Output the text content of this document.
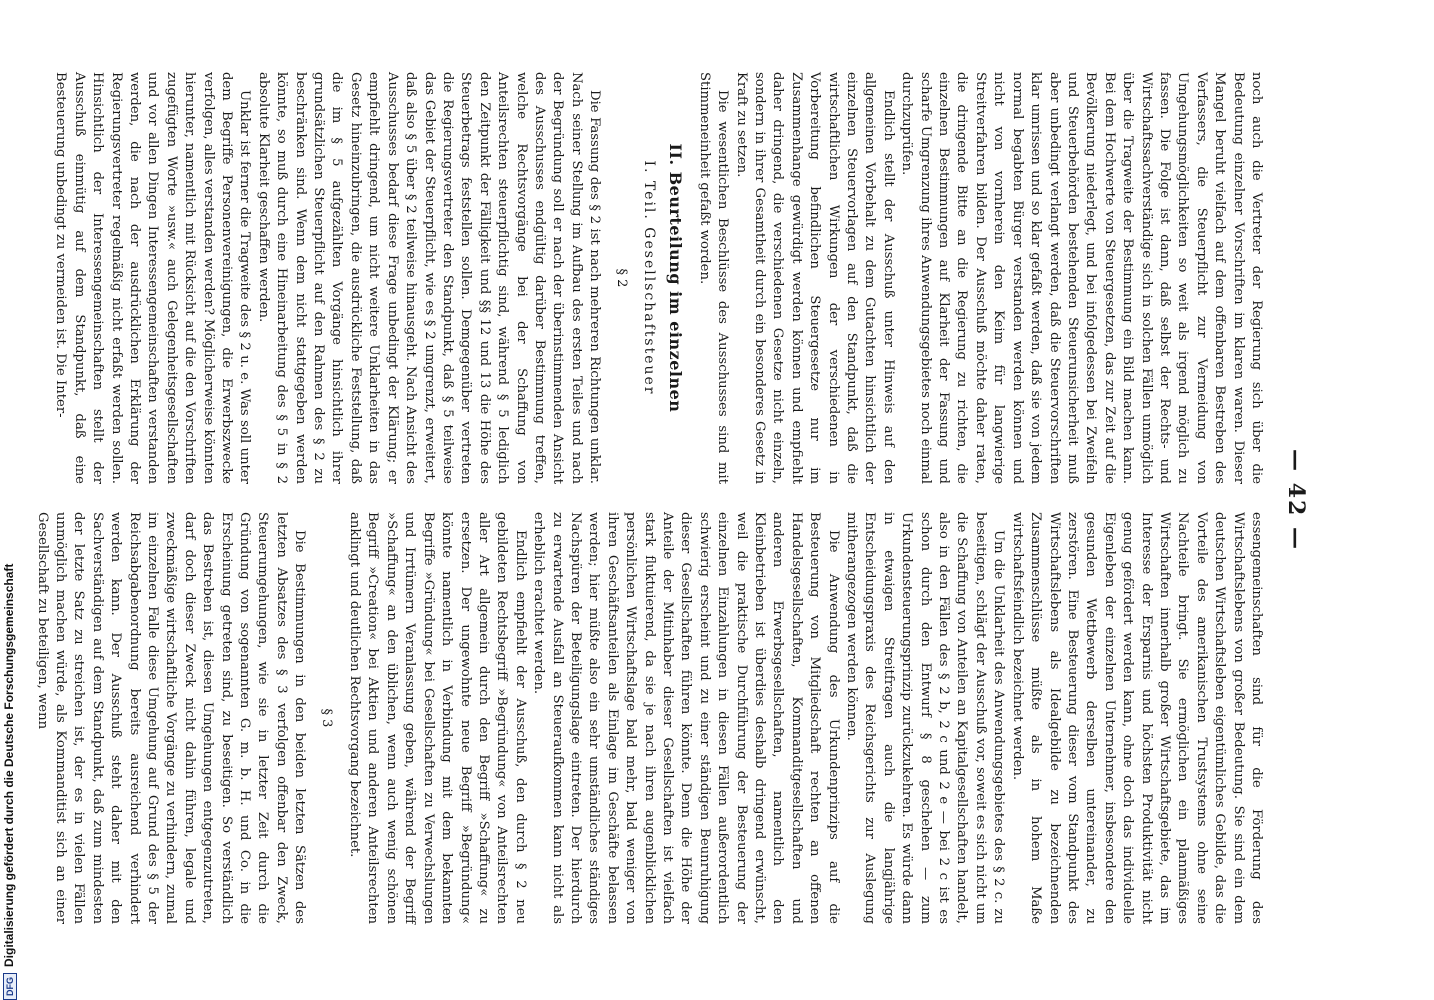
— 42 —

noch auch die Vertreter der Regierung sich über die Bedeutung einzelner Vorschriften im klaren waren. Dieser Mangel beruht vielfach auf dem offenbaren Bestreben des Verfassers, die Steuerpflicht zur Vermeidung von Umgehungsmöglichkeiten so weit als irgend möglich zu fassen. Die Folge ist dann, daß selbst der Rechts- und Wirtschaftssachverständige sich in solchen Fällen unmöglich über die Tragweite der Bestimmung ein Bild machen kann. Bei dem Hochwerte von Steuergesetzen, das zur Zeit auf die Bevölkerung niederlegt, und bei infolgedessen bei Zweifeln und Steuerbehörden bestehenden Steuerunsicherheit muß aber unbedingt verlangt werden, daß die Steuervorschriften klar umrissen und so klar gefaßt werden, daß sie von jedem normal begabten Bürger verstanden werden können und nicht von vornherein den Keim für langwierige Streitverfahren bilden. Der Ausschuß möchte daher raten, die dringende Bitte an die Regierung zu richten, die einzelnen Bestimmungen auf Klarheit der Fassung und scharfe Umgrenzung ihres Anwendungsgebietes noch einmal durchzuprüfen.

Endlich stellt der Ausschuß unter Hinweis auf den allgemeinen Vorbehalt zu dem Gutachten hinsichtlich der einzelnen Steuervorlagen auf den Standpunkt, daß die wirtschaftlichen Wirkungen der verschiedenen in Vorbereitung befindlichen Steuergesetze nur im Zusammenhange gewürdigt werden können und empfiehlt daher dringend, die verschiedenen Gesetze nicht einzeln, sondern in ihrer Gesamtheit durch ein besonderes Gesetz in Kraft zu setzen.

Die wesentlichen Beschlüsse des Ausschusses sind mit Stimmeneinheit gefaßt worden.

II. Beurteilung im einzelnen
I. Teil. Gesellschaftsteuer
§ 2

Die Fassung des § 2 ist nach mehreren Richtungen unklar. Nach seiner Stellung im Aufbau des ersten Teiles und nach der Begründung soll er nach der überinstimmenden Ansicht des Ausschusses endgültig darüber Bestimmung treffen, welche Rechtsvorgänge bei der Schaffung von Anteilsrechten steuerpflichtig sind, während § 5 lediglich den Zeitpunkt der Fälligkeit und §§ 12 und 13 die Höhe des Steuerbetrags feststellen sollen. Demgegenüber vertreten die Regierungsvertreter den Standpunkt, daß § 5 teilweise das Gebiet der Steuerpflicht, wie es § 2 umgrenzt, erweitert, daß also § 5 über § 2 teilweise hinausgeht. Nach Ansicht des Ausschusses bedarf diese Frage unbedingt der Klärung; er empfiehlt dringend, um nicht weitere Unklarheiten in das Gesetz hineinzubringen, die ausdrückliche Feststellung, daß die im § 5 aufgezählten Vorgänge hinsichtlich ihrer grundsätzlichen Steuerpflicht auf den Rahmen des § 2 zu beschränken sind. Wenn dem nicht stattgegeben werden könnte, so muß durch eine Hineinarbeitung des § 5 in § 2 absolute Klarheit geschaffen werden.

Unklar ist ferner die Tragweite des § 2 u. e. Was soll unter dem Begriffe Personenvereinigungen, die Erwerbszwecke verfolgen, alles verstanden werden? Möglicherweise könnten hierunter, namentlich mit Rücksicht auf die den Vorschriften zugefügten Worte »usw.« auch Gelegenheitsgesellschaften und vor allen Dingen Interessengemeinschaften verstanden werden, die nach der ausdrücklichen Erklärung der Regierungsvertreter regelmäßig nicht erfaßt werden sollen. Hinsichtlich der Interessengemeinschaften stellt der Ausschuß einmütig auf dem Standpunkt, daß eine Besteuerung unbedingt zu vermeiden ist. Die Inter-

essengemeinschaften sind für die Förderung des Wirtschaftslebens von großer Bedeutung. Sie sind ein dem deutschen Wirtschaftsleben eigentümliches Gebilde, das die Vorteile des amerikanischen Trustsystems ohne seine Nachteile bringt. Sie ermöglichen ein planmäßiges Wirtschaften innerhalb großer Wirtschaftsgebiete, das im Interesse der Ersparnis und höchsten Produktivität nicht genug gefördert werden kann, ohne doch das individuelle Eigenleben der einzelnen Unternehmer, insbesondere den gesunden Wettbewerb derselben untereinander, zu zerstören. Eine Besteuerung dieser vom Standpunkt des Wirtschaftslebens als Idealgebilde zu bezeichnenden Zusammenschlüsse müßte als in hohem Maße wirtschaftsfeindlich bezeichnet werden.

Um die Unklarheit des Anwendungsgebietes des § 2 c. zu beseitigen, schlägt der Ausschuß vor, soweit es sich nicht um die Schaffung von Anteilen an Kapitalgesellschaften handelt, also in den Fällen des § 2 b, 2 c und 2 e — bei 2 c ist es schon durch den Entwurf § 8 geschehen — zum Urkundensteuerungsprinzip zurückzukehren. Es würde dann in etwaigen Streitfragen auch die langjährige Entscheidungspraxis des Reichsgerichts zur Auslegung mitherangezogen werden können.

Die Anwendung des Urkundenprinzips auf die Besteuerung von Mitgliedschaft rechten an offenen Handelsgesellschaften, Kommanditgesellschaften und anderen Erwerbsgesellschaften, namentlich den Kleinbetrieben ist überdies deshalb dringend erwünscht, weil die praktische Durchführung der Besteuerung der einzelnen Einzahlungen in diesen Fällen außerordentlich schwierig erscheint und zu einer ständigen Beunruhigung dieser Gesellschaften führen könnte. Denn die Höhe der Anteile der Mitinhaber dieser Gesellschaften ist vielfach stark fluktuierend, da sie je nach ihren augenblicklichen persönlichen Wirtschaftslage bald mehr, bald weniger von ihren Geschäftsanteilen als Einlage im Geschäfte belassen werden; hier müßte also ein sehr umständliches ständiges Nachspüren der Beteiligungslage eintreten. Der hierdurch zu erwartende Ausfall an Steueraufkommen kann nicht als erheblich erachtet werden.

Endlich empfiehlt der Ausschuß, den durch § 2 neu gebildeten Rechtsbegriff »Begründung« von Anteilsrechten aller Art allgemein durch den Begriff »Schaffung« zu ersetzen. Der ungewohnte neue Begriff »Begründung« könnte namentlich in Verbindung mit dem bekannten Begriffe »Gründung« bei Gesellschaften zu Verwechslungen und Irrtümern Veranlassung geben, während der Begriff »Schaffung« an den üblichen, wenn auch wenig schönen Begriff »Creation« bei Aktien und anderen Anteilsrechten anklingt und deutlichen Rechtsvorgang bezeichnet.

§ 3

Die Bestimmungen in den beiden letzten Sätzen des letzten Absatzes des § 3 verfolgen offenbar den Zweck, Steuerumgehungen, wie sie in letzter Zeit durch die Gründung von sogenannten G. m. b. H. und Co. in die Erscheinung getreten sind, zu beseitigen. So verständlich das Bestreben ist, diesen Umgehungen entgegenzutreten, darf doch dieser Zweck nicht dahin führen, legale und zweckmäßige wirtschaftliche Vorgänge zu verhindern, zumal im einzelnen Falle diese Umgehung auf Grund des § 5 der Reichsabgabenordnung bereits ausreichend verhindert werden kann. Der Ausschuß steht daher mit den Sachverständigen auf dem Standpunkt, daß zum mindesten der letzte Satz zu streichen ist, der es in vielen Fällen unmöglich machen würde, als Kommanditist sich an einer Gesellschaft zu beteiligen, wenn

DFGDigitalisierung gefördert durch die Deutsche Forschungsgemeinschaft
